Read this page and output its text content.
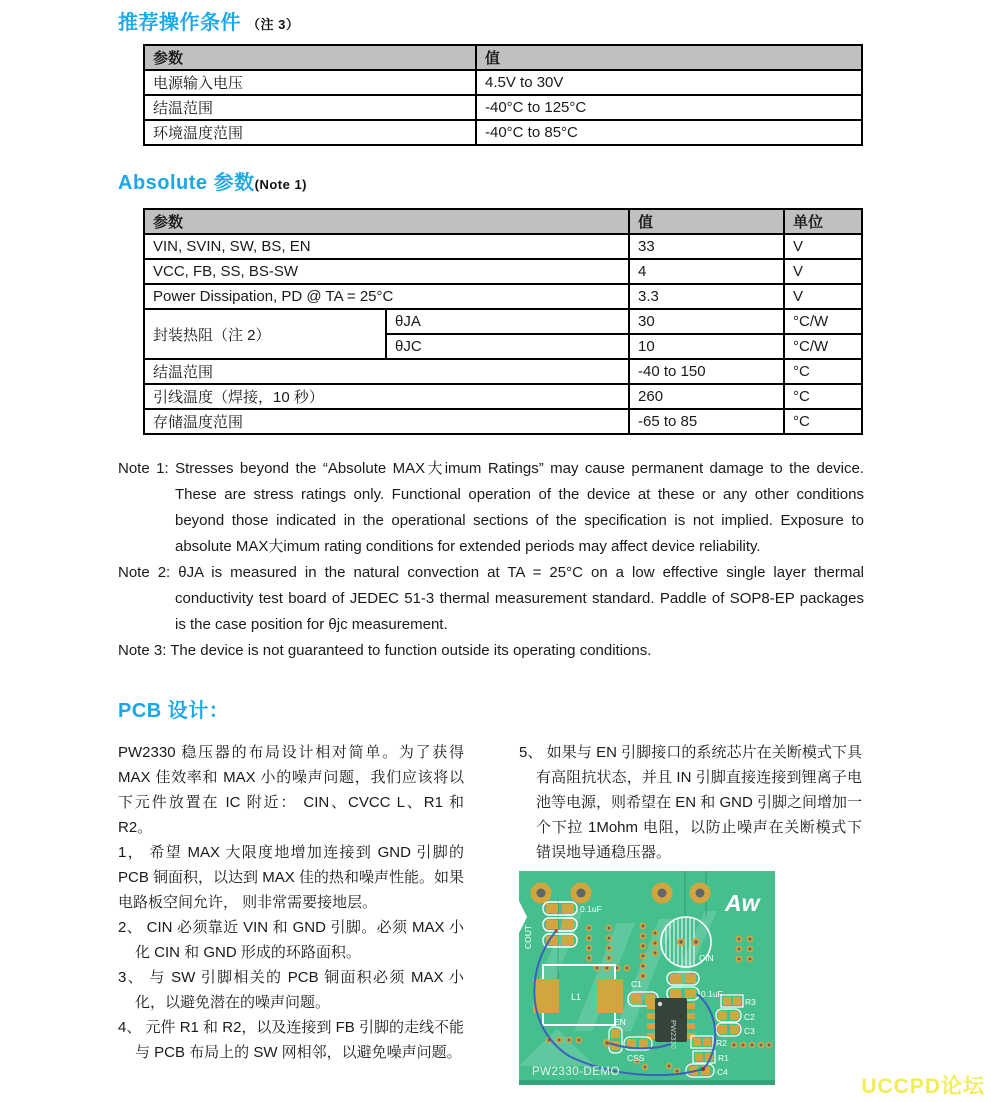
推荐操作条件 （注 3）
参数	值
电源输入电压	4.5V to 30V
结温范围	-40°C to 125°C
环境温度范围	-40°C to 85°C
Absolute 参数(Note 1)
参数		值	单位
VIN, SVIN, SW, BS, EN		33	V
VCC, FB, SS, BS-SW		4	V
Power Dissipation, PD @ TA = 25°C		3.3	V
封装热阻（注 2）	θJA	30	°C/W
	θJC	10	°C/W
结温范围		-40 to 150	°C
引线温度（焊接，10 秒）		260	°C
存储温度范围		-65 to 85	°C

Note 1: Stresses beyond the “Absolute MAX大imum Ratings” may cause permanent damage to the device. These are stress ratings only. Functional operation of the device at these or any other conditions beyond those indicated in the operational sections of the specification is not implied. Exposure to absolute MAX大imum rating conditions for extended periods may affect device reliability.

Note 2: θJA is measured in the natural convection at TA = 25°C on a low effective single layer thermal conductivity test board of JEDEC 51-3 thermal measurement standard. Paddle of SOP8-EP packages is the case position for θjc measurement.

Note 3: The device is not guaranteed to function outside its operating conditions.

PCB 设计：

PW2330 稳压器的布局设计相对简单。为了获得 MAX 佳效率和 MAX 小的噪声问题，我们应该将以下元件放置在 IC 附近： CIN、CVCC L、R1 和 R2。

1， 希望 MAX 大限度地增加连接到 GND 引脚的 PCB 铜面积，以达到 MAX 佳的热和噪声性能。如果电路板空间允许， 则非常需要接地层。

2、 CIN 必须靠近 VIN 和 GND 引脚。必须 MAX 小化 CIN 和 GND 形成的环路面积。

3、 与 SW 引脚相关的 PCB 铜面积必须 MAX 小化，以避免潜在的噪声问题。

4、 元件 R1 和 R2，以及连接到 FB 引脚的走线不能与 PCB 布局上的 SW 网相邻，以避免噪声问题。

5、 如果与 EN 引脚接口的系统芯片在关断模式下具有高阻抗状态，并且 IN 引脚直接连接到锂离子电池等电源，则希望在 EN 和 GND 引脚之间增加一个下拉 1Mohm 电阻，以防止噪声在关断模式下错误地导通稳压器。

0.1uF
COUT
CIN
L1
C1
0.1uF
PW2330
EN
CSS
R3
C2
C3
R2
R1
C4
Aw
PW2330-DEMO
UCCPD论坛
